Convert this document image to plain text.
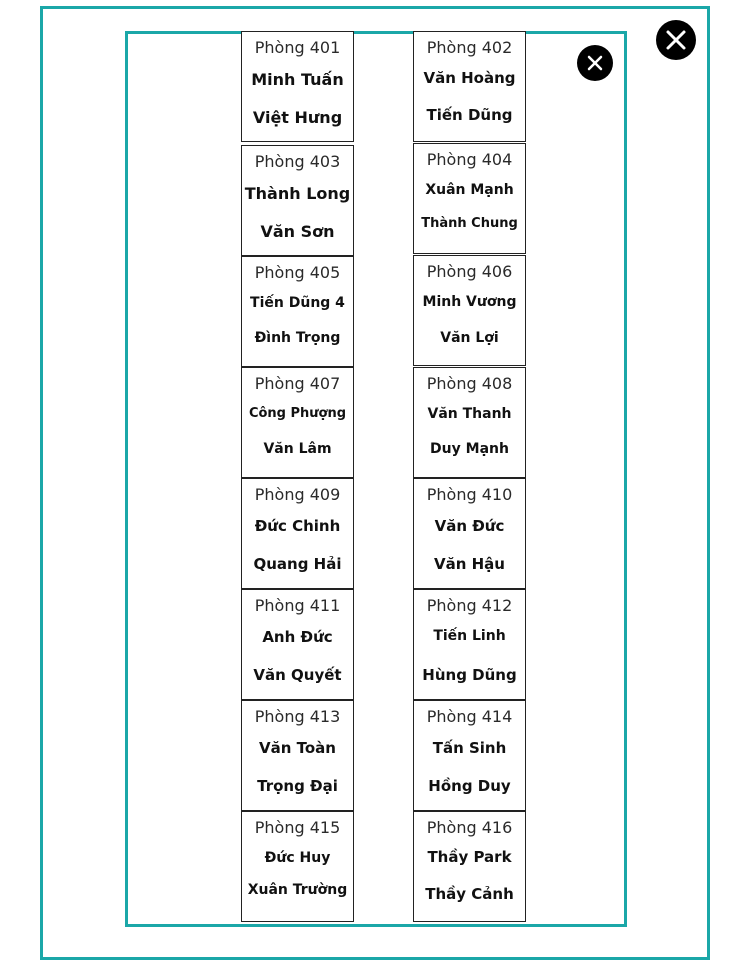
Phòng 401
Minh Tuấn
Việt Hưng
Phòng 403
Thành Long
Văn Sơn
Phòng 405
Tiến Dũng 4
Đình Trọng
Phòng 407
Công Phượng
Văn Lâm
Phòng 409
Đức Chinh
Quang Hải
Phòng 411
Anh Đức
Văn Quyết
Phòng 413
Văn Toàn
Trọng Đại
Phòng 415
Đức Huy
Xuân Trường
Phòng 402
Văn Hoàng
Tiến Dũng
Phòng 404
Xuân Mạnh
Thành Chung
Phòng 406
Minh Vương
Văn Lợi
Phòng 408
Văn Thanh
Duy Mạnh
Phòng 410
Văn Đức
Văn Hậu
Phòng 412
Tiến Linh
Hùng Dũng
Phòng 414
Tấn Sinh
Hồng Duy
Phòng 416
Thầy Park
Thầy Cảnh
